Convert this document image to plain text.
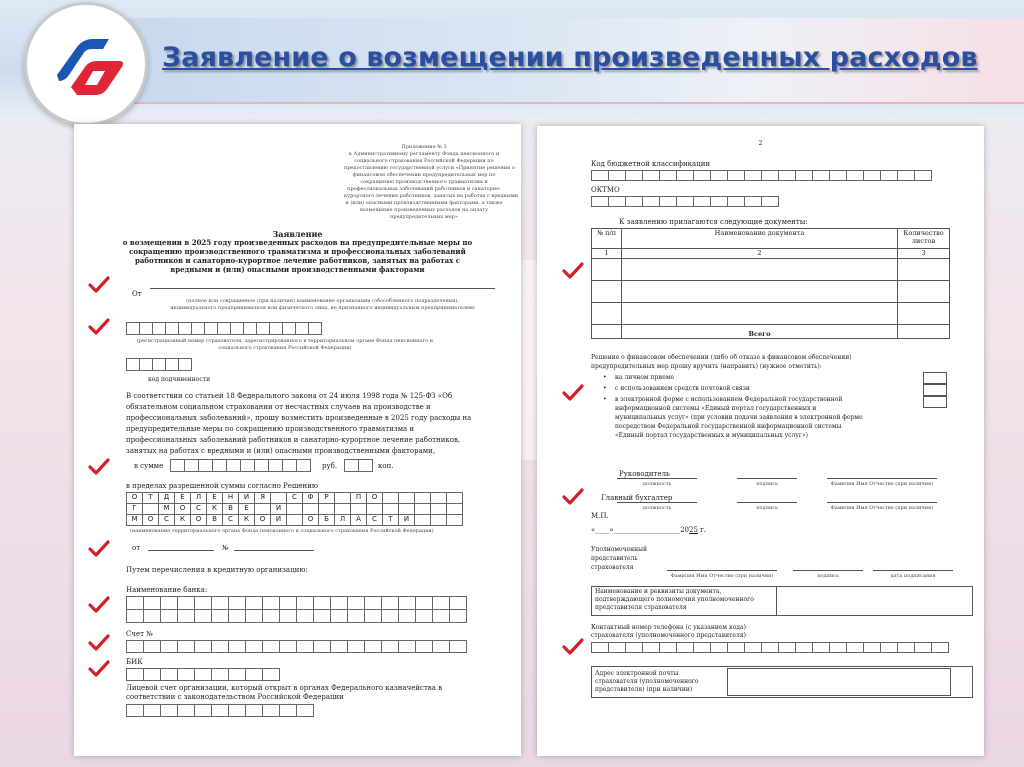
Заявление о возмещении произведенных расходов
Приложение № 3
к Административному регламенту Фонда пенсионного и
социального страхования Российской Федерации по
предоставлению государственной услуги «Принятие решения о
финансовом обеспечении предупредительных мер по
сокращению производственного травматизма и
профессиональных заболеваний работников и санаторно-
курортного лечения работников, занятых на работах с вредными
и (или) опасными производственными факторами, а также
возмещение произведенных расходов на оплату
предупредительных мер»
Заявление
о возмещении в 2025 году произведенных расходов на предупредительные меры по
сокращению производственного травматизма и профессиональных заболеваний
работников и санаторно-курортное лечение работников, занятых на работах с
вредными и (или) опасными производственными факторами
От
(полное или сокращенное (при наличии) наименование организации (обособленного подразделения),
индивидуального предпринимателя или физического лица, не признанного индивидуальным предпринимателем)
(регистрационный номер страхователя, зарегистрированного в территориальном органе Фонда пенсионного и
социального страхования Российской Федерации)
код подчиненности
В соответствии со статьей 18 Федерального закона от 24 июля 1998 года № 125-ФЗ «Об
обязательном социальном страховании от несчастных случаев на производстве и
профессиональных заболеваний», прошу возместить произведенные в 2025 году расходы на
предупредительные меры по сокращению производственного травматизма и
профессиональных заболеваний работников и санаторно-курортное лечение работников,
занятых на работах с вредными и (или) опасными производственными факторами,
в сумме	руб.	коп.
в пределах разрешенной суммы согласно Решению
О	Т	Д	Е	Л	Е	Н	И	Я	С	Ф	Р	П	О
Г	М	О	С	К	В	Е	И
М	О	С	К	О	В	С	К	О	Й	О	Б	Л	А	С	Т	И
(наименование территориального органа Фонда пенсионного и социального страхования Российской Федерации)
от	№
Путем перечисления в кредитную организацию:
Наименование банка:
Счет №
БИК
Лицевой счет организации, который открыт в органах Федерального казначейства в
соответствии с законодательством Российской Федерации
2
Код бюджетной классификации
ОКТМО
К заявлению прилагаются следующие документы:
№ п/п	Наименование документа	Количество листов
1	2	3

	Всего	
Решение о финансовом обеспечении (либо об отказе в финансовом обеспечении)
предупредительных мер прошу вручить (направить) (нужное отметить):
• на личном приеме
• с использованием средств почтовой связи
• в электронной форме с использованием Федеральной государственной
информационной системы «Единый портал государственных и
муниципальных услуг» (при условии подачи заявления в электронной форме
посредством Федеральной государственной информационной системы
«Единый портал государственных и муниципальных услуг»)
Руководитель
должность	подпись	Фамилия Имя Отчество (при наличии)
Главный бухгалтер
должность	подпись	Фамилия Имя Отчество (при наличии)
М.П.
«____»___________________2025 г.
Уполномоченный
представитель
страхователя
Фамилия Имя Отчество (при наличии)	подпись	дата подписания
Наименование и реквизиты документа,
подтверждающего полномочия уполномоченного
представителя страхователя
Контактный номер телефона (с указанием кода)
страхователя (уполномоченного представителя)
Адрес электронной почты
страхователя (уполномоченного
представителя) (при наличии)
